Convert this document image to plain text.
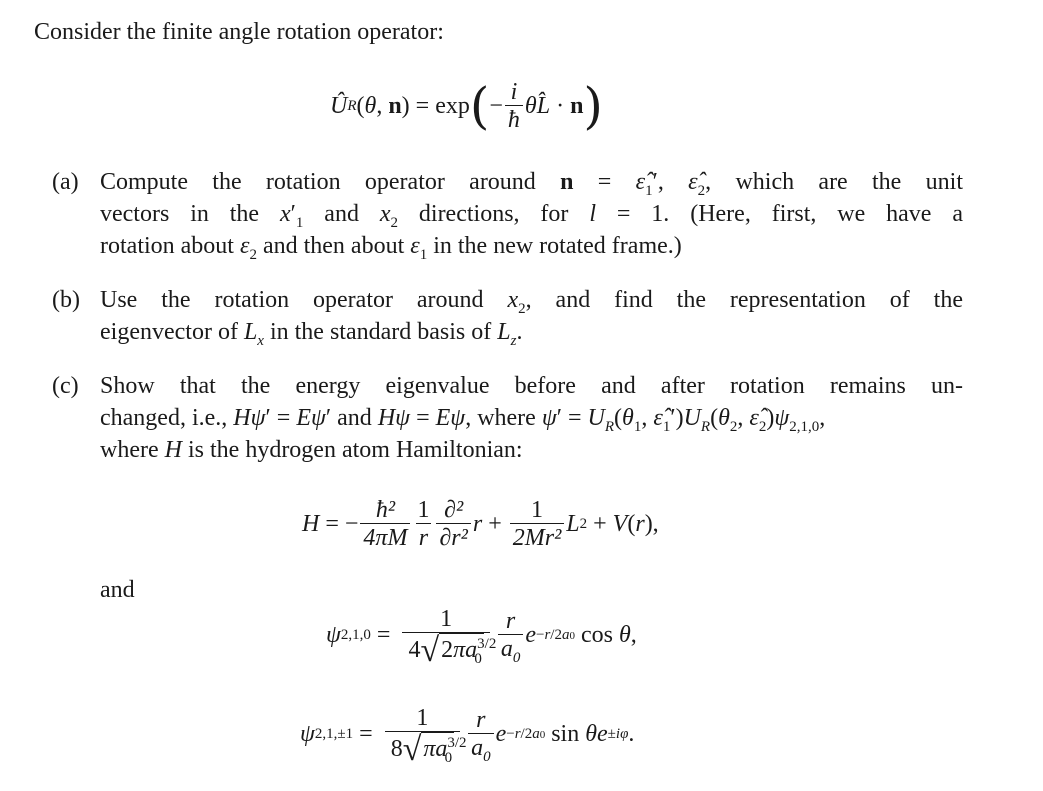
Consider the finite angle rotation operator:
Û R ( θ , n ) = exp ( − $\frac{i}{ħ}$ θL̂ · n )
(a) Compute the rotation operator around $n = \varepsilon̂_1'$, $\varepsilon̂_2$, which are the unit
vectors in the $x'_1$ and $x_2$ directions, for l = 1. (Here, first, we have a
rotation about $\varepsilon_2$ and then about $\varepsilon_1$ in the new rotated frame.)
(b) Use the rotation operator around $x_2$, and find the representation of the
eigenvector of $L_x$ in the standard basis of $L_z$.
(c) Show that the energy eigenvalue before and after rotation remains un-
changed, i.e., Hψ′ = Eψ′ and Hψ = Eψ, where $\psi' = U_R(\theta_1$, $\varepsilon̂_1')U_R(\theta_2$, $\varepsilon̂_2)\psi_{2,1,0}$,
where H is the hydrogen atom Hamiltonian:
H = − $\frac{\text{ħ²}}{4\pi M} \frac{1}{r} \frac{\text{∂²}}{\text{∂r²}}$ $r + \frac{1}{\text{2Mr²}}$ L 2 + V ( r ),
and
ψ $2,1,0 = \frac{1}{4√2\pi a^{3/2}_0} \frac{r}{a_0}$ e −r/2a0 cos θ ,
ψ $2,1,\pm 1 = \frac{1}{8√\pi a^{3/2}_0} \frac{r}{a_0}$ e −r/2a0 sin θe ±iφ .
